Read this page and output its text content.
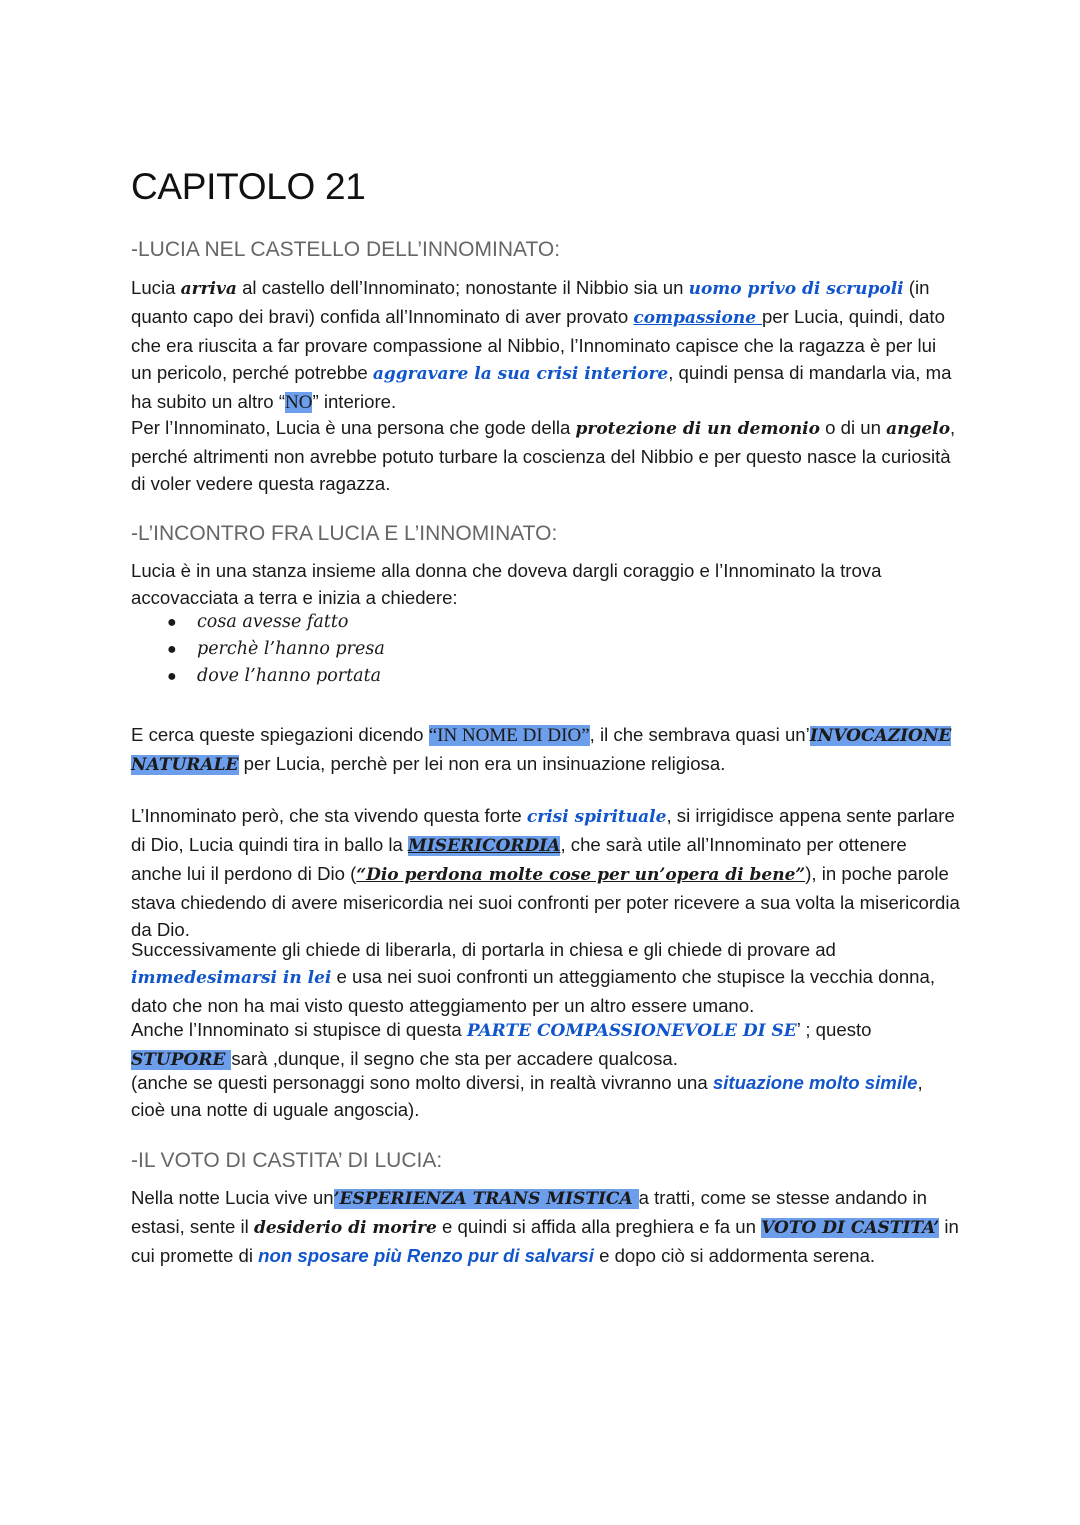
CAPITOLO 21
-LUCIA NEL CASTELLO DELL’INNOMINATO:

Lucia arriva al castello dell’Innominato; nonostante il Nibbio sia un uomo privo di scrupoli (in quanto capo dei bravi) confida all’Innominato di aver provato compassione per Lucia, quindi, dato che era riuscita a far provare compassione al Nibbio, l’Innominato capisce che la ragazza è per lui un pericolo, perché potrebbe aggravare la sua crisi interiore, quindi pensa di mandarla via, ma ha subito un altro “NO” interiore.

Per l’Innominato, Lucia è una persona che gode della protezione di un demonio o di un angelo, perché altrimenti non avrebbe potuto turbare la coscienza del Nibbio e per questo nasce la curiosità di voler vedere questa ragazza.

-L’INCONTRO FRA LUCIA E L’INNOMINATO:

Lucia è in una stanza insieme alla donna che doveva dargli coraggio e l’Innominato la trova accovacciata a terra e inizia a chiedere:

● cosa avesse fatto
● perchè l’hanno presa
● dove l’hanno portata

E cerca queste spiegazioni dicendo “IN NOME DI DIO”, il che sembrava quasi un’INVOCAZIONE NATURALE per Lucia, perchè per lei non era un insinuazione religiosa.

L’Innominato però, che sta vivendo questa forte crisi spirituale, si irrigidisce appena sente parlare di Dio, Lucia quindi tira in ballo la MISERICORDIA, che sarà utile all’Innominato per ottenere anche lui il perdono di Dio (“Dio perdona molte cose per un’opera di bene”), in poche parole stava chiedendo di avere misericordia nei suoi confronti per poter ricevere a sua volta la misericordia da Dio.

Successivamente gli chiede di liberarla, di portarla in chiesa e gli chiede di provare ad immedesimarsi in lei e usa nei suoi confronti un atteggiamento che stupisce la vecchia donna, dato che non ha mai visto questo atteggiamento per un altro essere umano.

Anche l’Innominato si stupisce di questa PARTE COMPASSIONEVOLE DI SE’ ; questo STUPORE sarà ,dunque, il segno che sta per accadere qualcosa.

(anche se questi personaggi sono molto diversi, in realtà vivranno una situazione molto simile, cioè una notte di uguale angoscia).

-IL VOTO DI CASTITA’ DI LUCIA:

Nella notte Lucia vive un’ESPERIENZA TRANS MISTICA a tratti, come se stesse andando in estasi, sente il desiderio di morire e quindi si affida alla preghiera e fa un VOTO DI CASTITA’ in cui promette di non sposare più Renzo pur di salvarsi e dopo ciò si addormenta serena.
